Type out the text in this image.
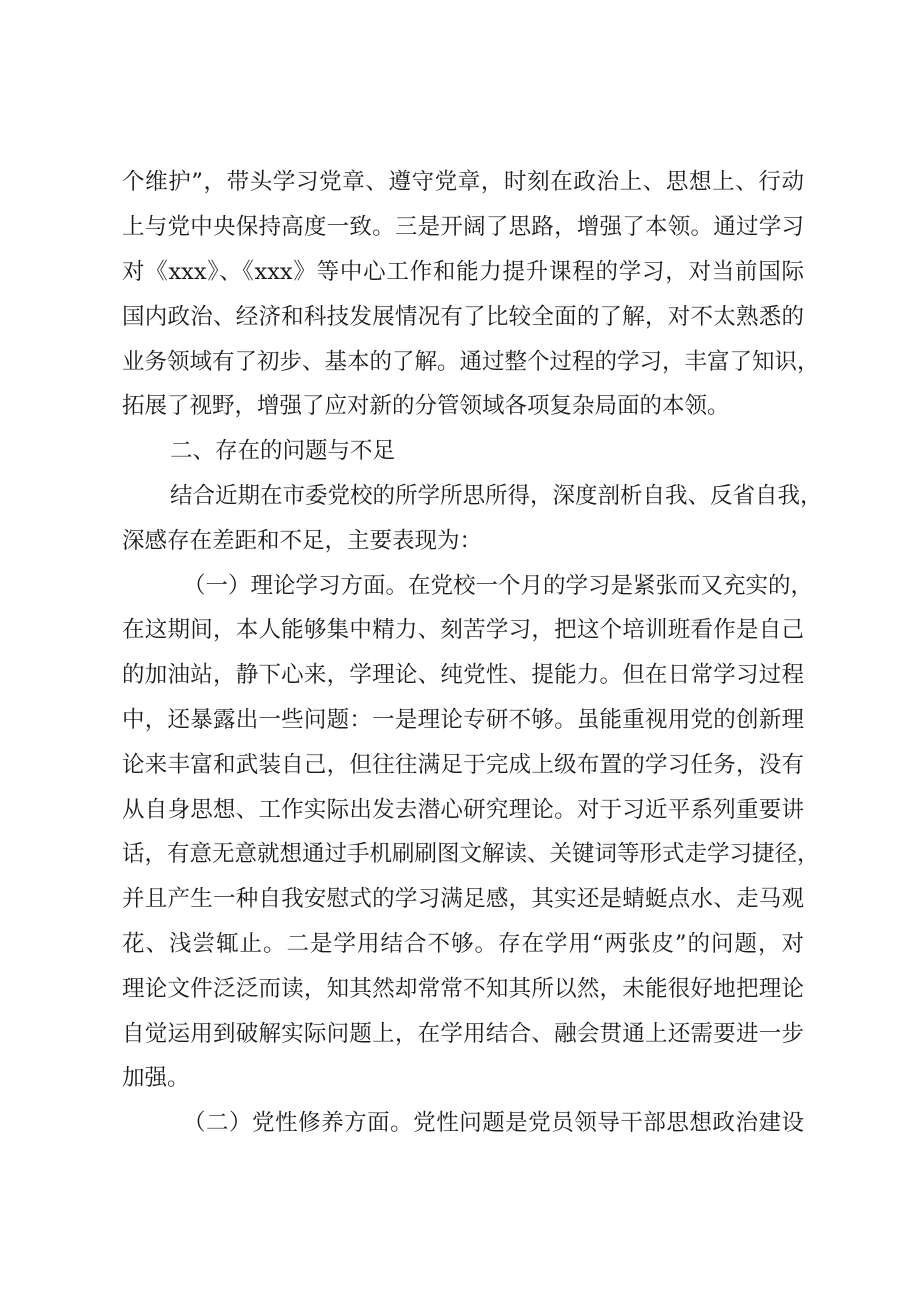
个维护”，带头学习党章、遵守党章，时刻在政治上、思想上、行动

上与党中央保持高度一致。三是开阔了思路，增强了本领。通过学习

对《xxx》、《xxx》等中心工作和能力提升课程的学习，对当前国际

国内政治、经济和科技发展情况有了比较全面的了解，对不太熟悉的

业务领域有了初步、基本的了解。通过整个过程的学习，丰富了知识，

拓展了视野，增强了应对新的分管领域各项复杂局面的本领。

二、存在的问题与不足

结合近期在市委党校的所学所思所得，深度剖析自我、反省自我，

深感存在差距和不足，主要表现为：

（一）理论学习方面。在党校一个月的学习是紧张而又充实的，

在这期间，本人能够集中精力、刻苦学习，把这个培训班看作是自己

的加油站，静下心来，学理论、纯党性、提能力。但在日常学习过程

中，还暴露出一些问题：一是理论专研不够。虽能重视用党的创新理

论来丰富和武装自己，但往往满足于完成上级布置的学习任务，没有

从自身思想、工作实际出发去潜心研究理论。对于习近平系列重要讲

话，有意无意就想通过手机刷刷图文解读、关键词等形式走学习捷径，

并且产生一种自我安慰式的学习满足感，其实还是蜻蜓点水、走马观

花、浅尝辄止。二是学用结合不够。存在学用“两张皮”的问题，对

理论文件泛泛而读，知其然却常常不知其所以然，未能很好地把理论

自觉运用到破解实际问题上，在学用结合、融会贯通上还需要进一步

加强。

（二）党性修养方面。党性问题是党员领导干部思想政治建设
